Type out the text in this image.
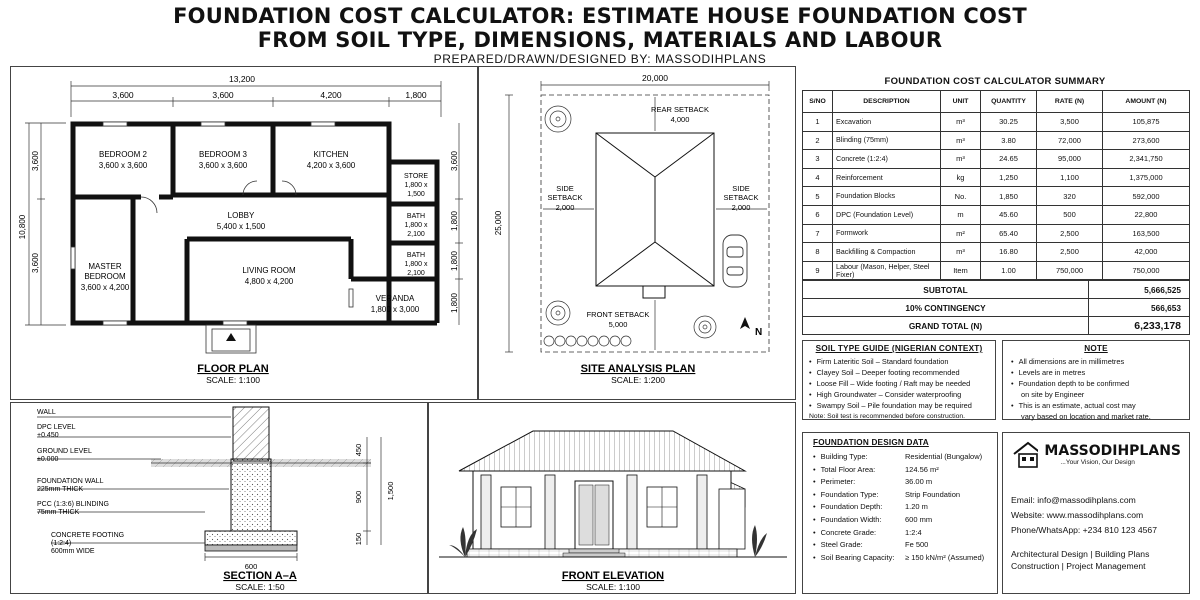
FOUNDATION COST CALCULATOR: ESTIMATE HOUSE FOUNDATION COST
FROM SOIL TYPE, DIMENSIONS, MATERIALS AND LABOUR
PREPARED/DRAWN/DESIGNED BY: MASSODIHPLANS
13,200
3,600	3,600	4,200	1,800
10,800
3,600
3,600
3,600
1,800
1,800
1,800
BEDROOM 2
3,600 x 3,600
BEDROOM 3
3,600 x 3,600
KITCHEN
4,200 x 3,600
STORE
1,800 x
1,500
LOBBY
5,400 x 1,500
BATH
1,800 x
2,100
BATH
1,800 x
2,100
MASTER
BEDROOM
3,600 x 4,200
LIVING ROOM
4,800 x 4,200
VERANDA
1,800 x 3,000
FLOOR PLAN
SCALE: 1:100
20,000
25,000
REAR SETBACK
4,000
SIDE
SETBACK
2,000
SIDE
SETBACK
2,000
FRONT SETBACK
5,000
N
SITE ANALYSIS PLAN
SCALE: 1:200
FOUNDATION COST CALCULATOR SUMMARY
S/NO	DESCRIPTION	UNIT	QUANTITY	RATE (N)	AMOUNT (N)
1	Excavation	m³	30.25	3,500	105,875
2	Blinding (75mm)	m³	3.80	72,000	273,600
3	Concrete (1:2:4)	m³	24.65	95,000	2,341,750
4	Reinforcement	kg	1,250	1,100	1,375,000
5	Foundation Blocks	No.	1,850	320	592,000
6	DPC (Foundation Level)	m	45.60	500	22,800
7	Formwork	m²	65.40	2,500	163,500
8	Backfilling & Compaction	m³	16.80	2,500	42,000
9	Labour (Mason, Helper, Steel Fixer)	Item	1.00	750,000	750,000
SUBTOTAL	5,666,525
10% CONTINGENCY	566,653
GRAND TOTAL (N)	6,233,178
SOIL TYPE GUIDE (NIGERIAN CONTEXT)
• Firm Lateritic Soil – Standard foundation
• Clayey Soil – Deeper footing recommended
• Loose Fill – Wide footing / Raft may be needed
• High Groundwater – Consider waterproofing
• Swampy Soil – Pile foundation may be required
Note: Soil test is recommended before construction.
NOTE
• All dimensions are in millimetres
• Levels are in metres
• Foundation depth to be confirmed
on site by Engineer
• This is an estimate, actual cost may
vary based on location and market rate.
WALL
DPC LEVEL
+0.450
GROUND LEVEL
±0.000
FOUNDATION WALL
225mm THICK
PCC (1:3:6) BLINDING
75mm THICK
CONCRETE FOOTING
(1:2:4)
600mm WIDE
450
900
150
1,500
600
SECTION A–A
SCALE: 1:50
FRONT ELEVATION
SCALE: 1:100
FOUNDATION DESIGN DATA
• Building Type:	Residential (Bungalow)
• Total Floor Area:	124.56 m²
• Perimeter:	36.00 m
• Foundation Type:	Strip Foundation
• Foundation Depth:	1.20 m
• Foundation Width:	600 mm
• Concrete Grade:	1:2:4
• Steel Grade:	Fe 500
• Soil Bearing Capacity:	≥ 150 kN/m² (Assumed)
MASSODIHPLANS
...Your Vision, Our Design
Email: info@massodihplans.com
Website: www.massodihplans.com
Phone/WhatsApp: +234 810 123 4567
Architectural Design | Building Plans
Construction | Project Management
